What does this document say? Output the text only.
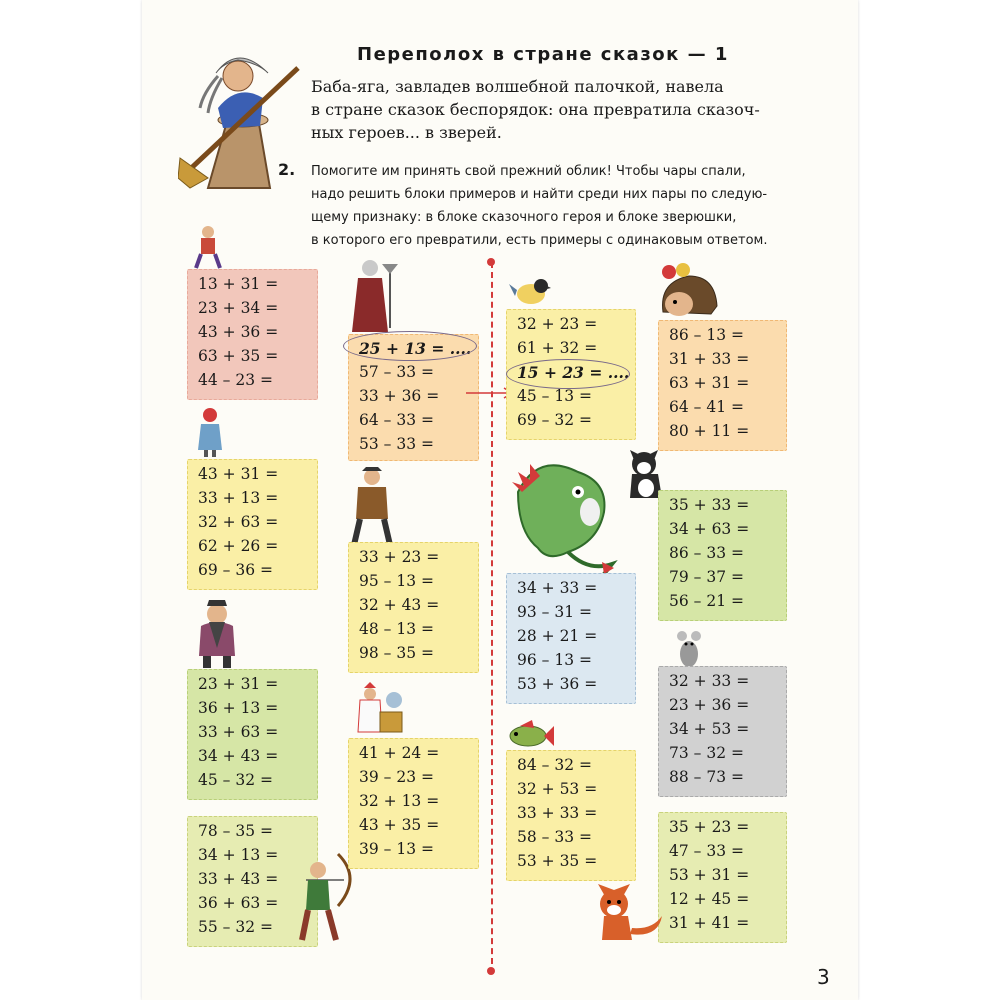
Переполох в стране сказок — 1
Баба-яга, завладев волшебной палочкой, навела
в стране сказок беспорядок: она превратила сказоч-
ных героев... в зверей.
2. Помогите им принять свой прежний облик! Чтобы чары спали,
надо решить блоки примеров и найти среди них пары по следую-
щему признаку: в блоке сказочного героя и блоке зверюшки,
в которого его превратили, есть примеры с одинаковым ответом.
13 + 31 =
23 + 34 =
43 + 36 =
63 + 35 =
44 – 23 =
43 + 31 =
33 + 13 =
32 + 63 =
62 + 26 =
69 – 36 =
23 + 31 =
36 + 13 =
33 + 63 =
34 + 43 =
45 – 32 =
78 – 35 =
34 + 13 =
33 + 43 =
36 + 63 =
55 – 32 =
25 + 13 = ....
57 – 33 =
33 + 36 =
64 – 33 =
53 – 33 =
33 + 23 =
95 – 13 =
32 + 43 =
48 – 13 =
98 – 35 =
41 + 24 =
39 – 23 =
32 + 13 =
43 + 35 =
39 – 13 =
32 + 23 =
61 + 32 =
15 + 23 = ....
45 – 13 =
69 – 32 =
34 + 33 =
93 – 31 =
28 + 21 =
96 – 13 =
53 + 36 =
84 – 32 =
32 + 53 =
33 + 33 =
58 – 33 =
53 + 35 =
86 – 13 =
31 + 33 =
63 + 31 =
64 – 41 =
80 + 11 =
35 + 33 =
34 + 63 =
86 – 33 =
79 – 37 =
56 – 21 =
32 + 33 =
23 + 36 =
34 + 53 =
73 – 32 =
88 – 73 =
35 + 23 =
47 – 33 =
53 + 31 =
12 + 45 =
31 + 41 =
3
